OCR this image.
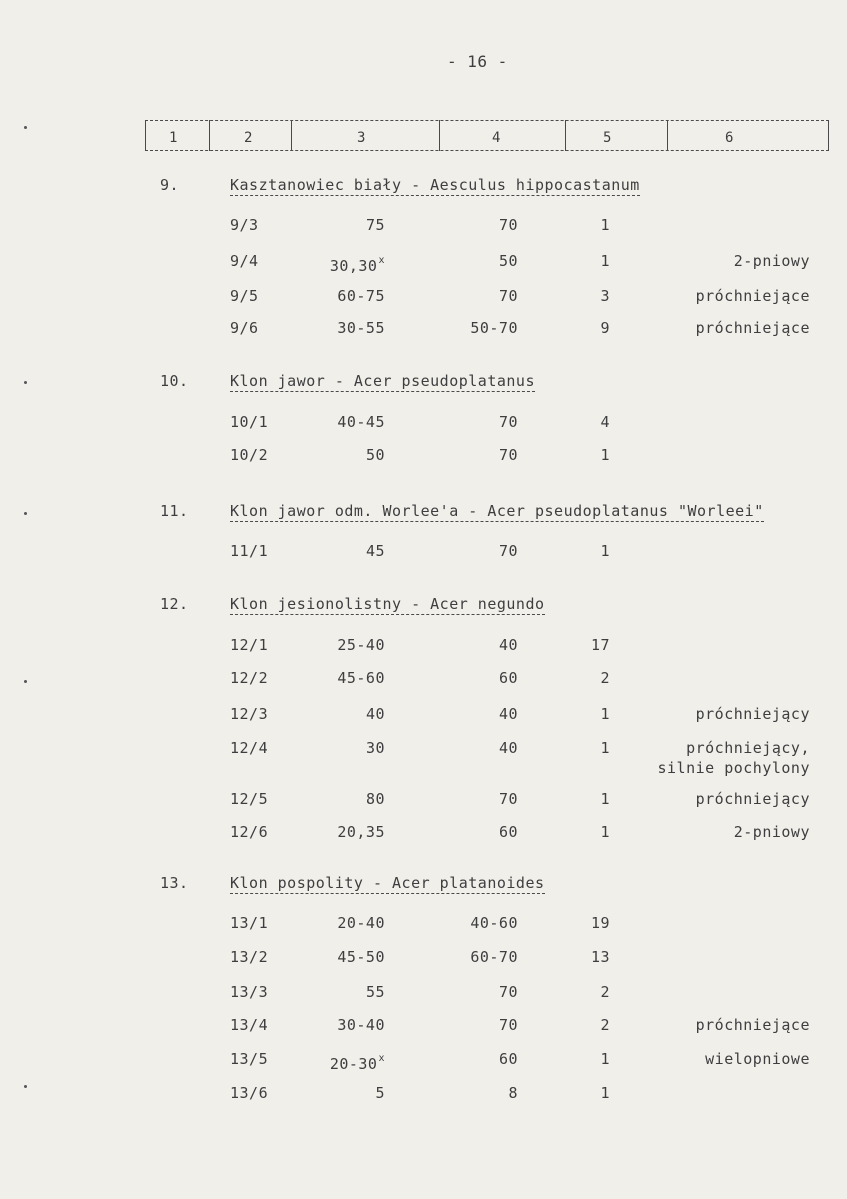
- 16 -
1	2	3	4	5	6
9.	Kasztanowiec biały - Aesculus hippocastanum
9/3	75	70	1
9/4	30,30$^x$	50	1	2-pniowy
9/5	60-75	70	3	próchniejące
9/6	30-55	50-70	9	próchniejące
10.	Klon jawor - Acer pseudoplatanus
10/1	40-45	70	4
10/2	50	70	1
11.	Klon jawor odm. Worlee'a - Acer pseudoplatanus "Worleei"
11/1	45	70	1
12.	Klon jesionolistny - Acer negundo
12/1	25-40	40	17
12/2	45-60	60	2
12/3	40	40	1	próchniejący
12/4	30	40	1	próchniejący,
silnie pochylony
12/5	80	70	1	próchniejący
12/6	20,35	60	1	2-pniowy
13.	Klon pospolity - Acer platanoides
13/1	20-40	40-60	19
13/2	45-50	60-70	13
13/3	55	70	2
13/4	30-40	70	2	próchniejące
13/5	20-30$^x$	60	1	wielopniowe
13/6	5	8	1
